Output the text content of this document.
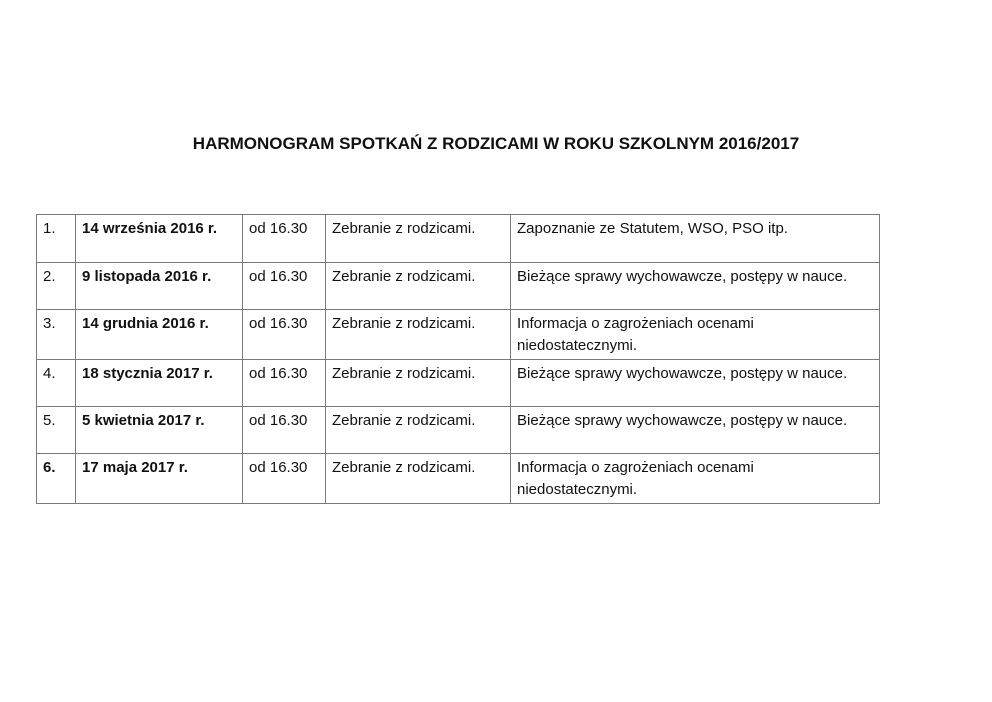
HARMONOGRAM SPOTKAŃ Z RODZICAMI W ROKU SZKOLNYM 2016/2017
1.	14 września 2016 r.	od 16.30	Zebranie z rodzicami.	Zapoznanie ze Statutem, WSO, PSO itp.
2.	9 listopada 2016 r.	od 16.30	Zebranie z rodzicami.	Bieżące sprawy wychowawcze, postępy w nauce.
3.	14 grudnia 2016 r.	od 16.30	Zebranie z rodzicami.	Informacja o zagrożeniach ocenami niedostatecznymi.
4.	18 stycznia 2017 r.	od 16.30	Zebranie z rodzicami.	Bieżące sprawy wychowawcze, postępy w nauce.
5.	5 kwietnia 2017 r.	od 16.30	Zebranie z rodzicami.	Bieżące sprawy wychowawcze, postępy w nauce.
6.	17 maja 2017 r.	od 16.30	Zebranie z rodzicami.	Informacja o zagrożeniach ocenami niedostatecznymi.
